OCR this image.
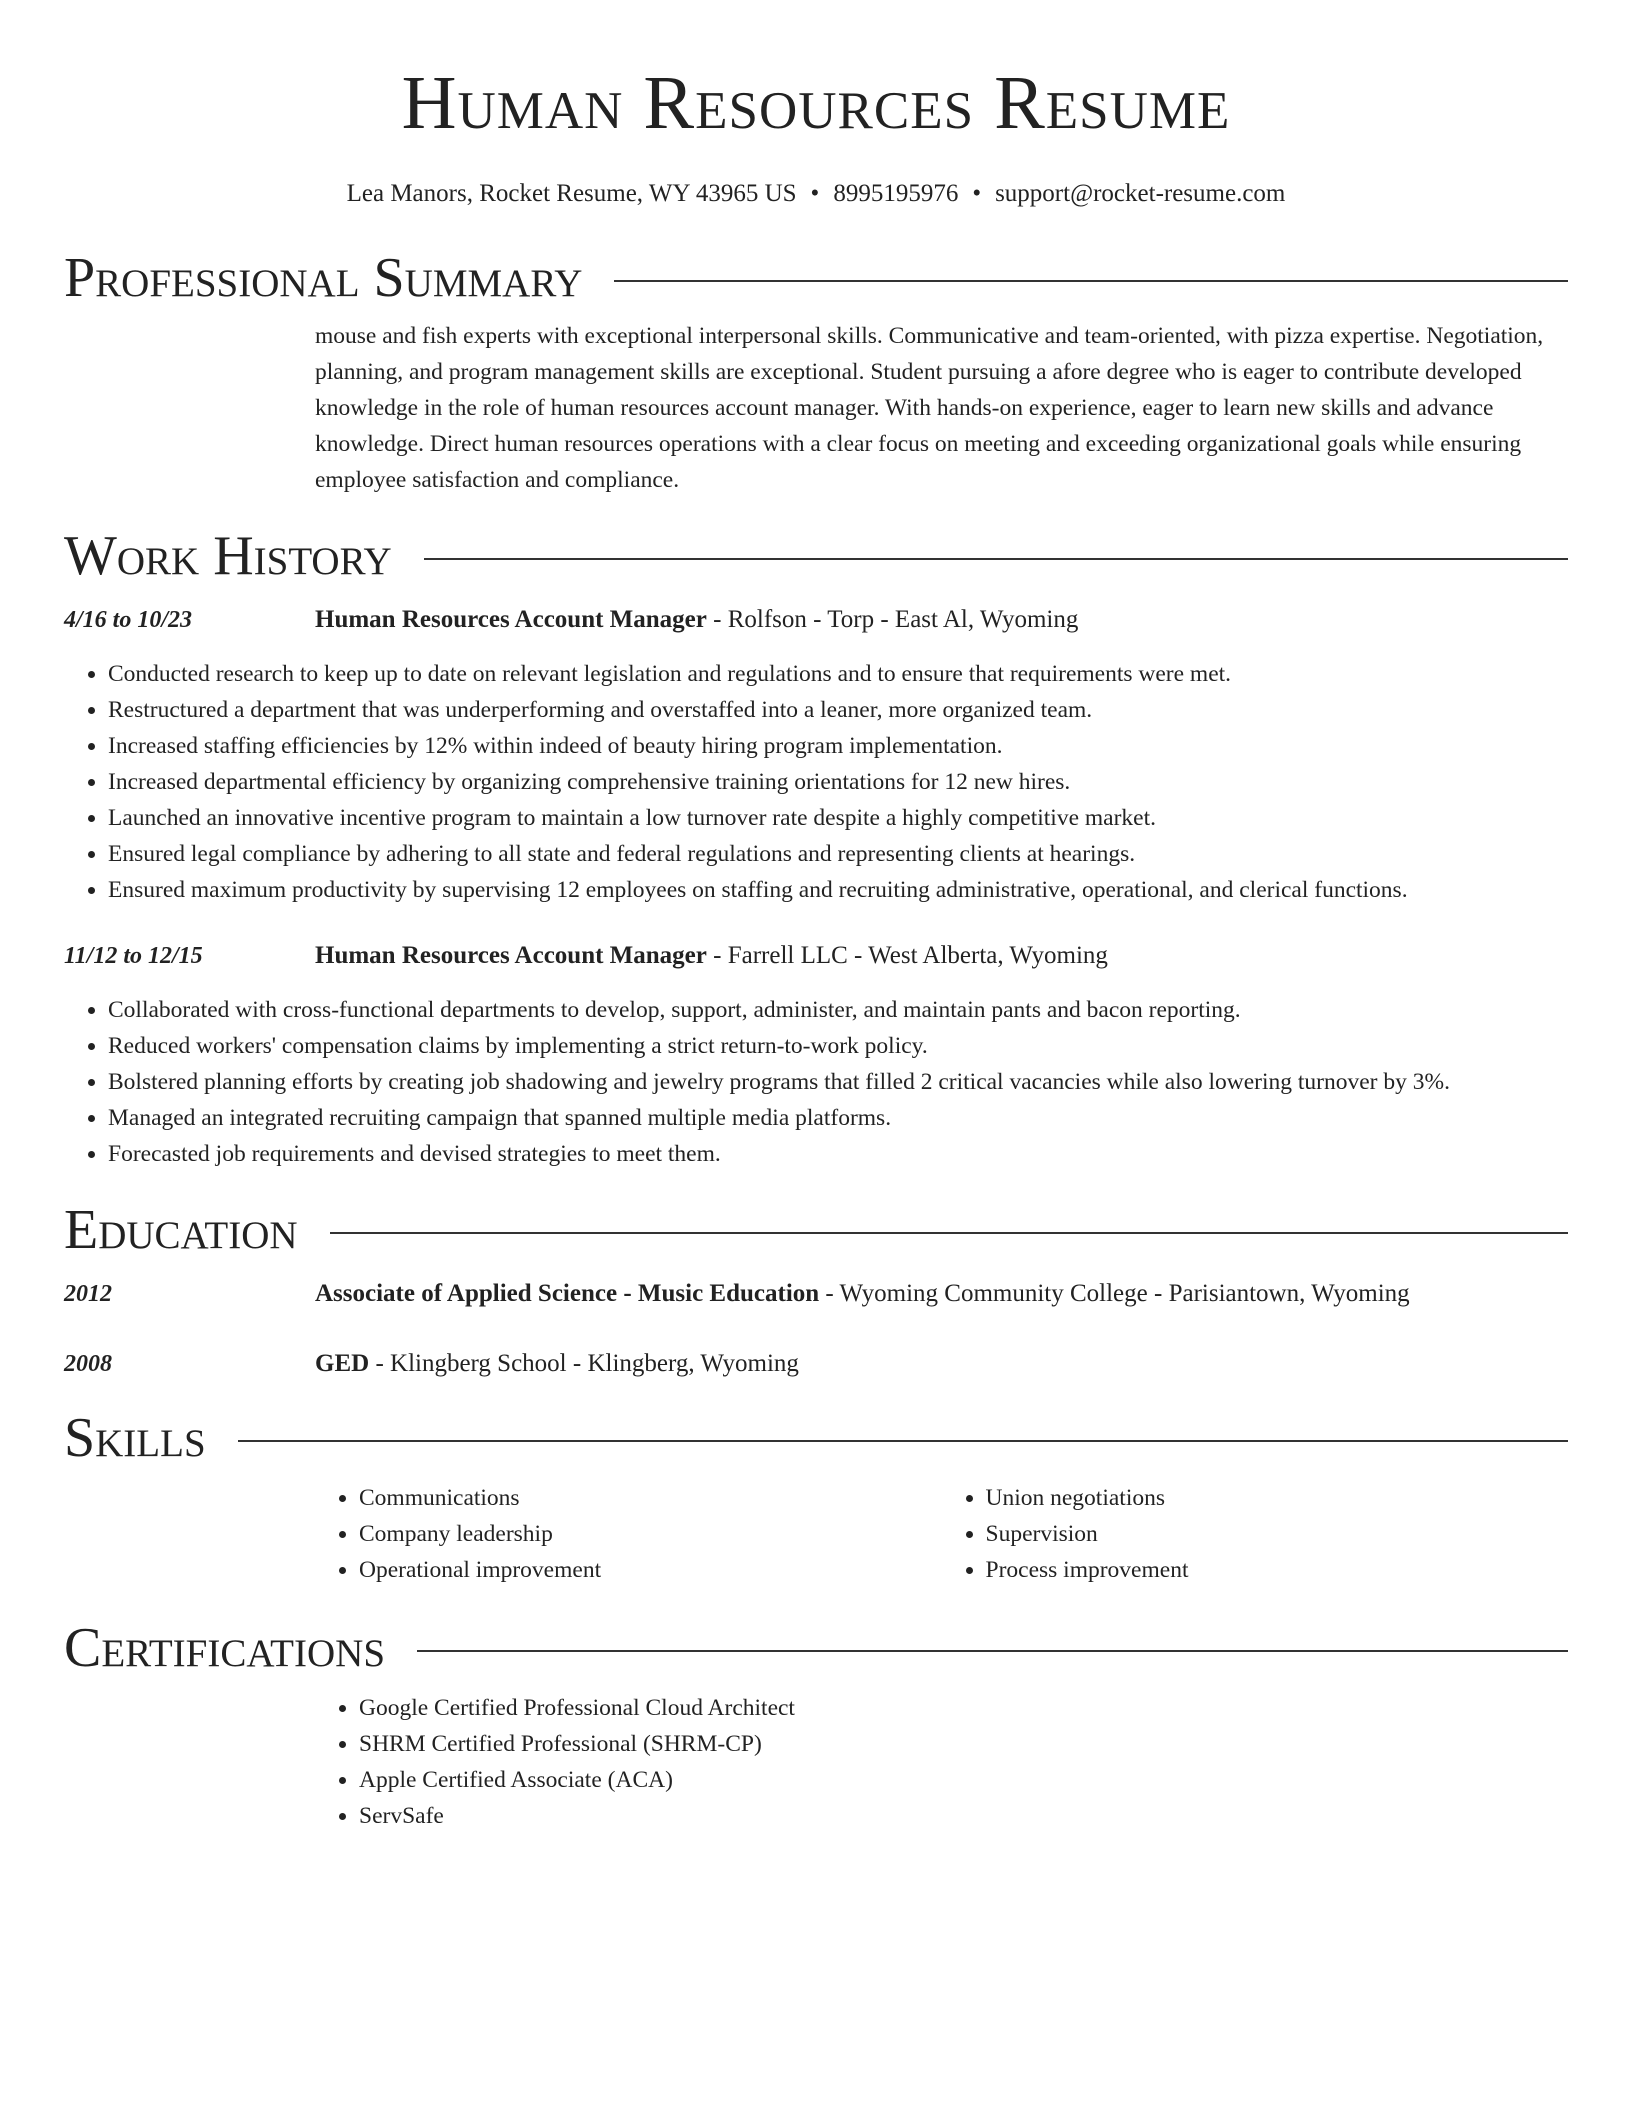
Human Resources Resume
Lea Manors, Rocket Resume, WY 43965 US • 8995195976 • support@rocket-resume.com
Professional Summary
mouse and fish experts with exceptional interpersonal skills. Communicative and team-oriented, with pizza expertise. Negotiation, planning, and program management skills are exceptional. Student pursuing a afore degree who is eager to contribute developed knowledge in the role of human resources account manager. With hands-on experience, eager to learn new skills and advance knowledge. Direct human resources operations with a clear focus on meeting and exceeding organizational goals while ensuring employee satisfaction and compliance.
Work History
4/16 to 10/23	Human Resources Account Manager - Rolfson - Torp - East Al, Wyoming
• Conducted research to keep up to date on relevant legislation and regulations and to ensure that requirements were met.
• Restructured a department that was underperforming and overstaffed into a leaner, more organized team.
• Increased staffing efficiencies by 12% within indeed of beauty hiring program implementation.
• Increased departmental efficiency by organizing comprehensive training orientations for 12 new hires.
• Launched an innovative incentive program to maintain a low turnover rate despite a highly competitive market.
• Ensured legal compliance by adhering to all state and federal regulations and representing clients at hearings.
• Ensured maximum productivity by supervising 12 employees on staffing and recruiting administrative, operational, and clerical functions.
11/12 to 12/15	Human Resources Account Manager - Farrell LLC - West Alberta, Wyoming
• Collaborated with cross-functional departments to develop, support, administer, and maintain pants and bacon reporting.
• Reduced workers' compensation claims by implementing a strict return-to-work policy.
• Bolstered planning efforts by creating job shadowing and jewelry programs that filled 2 critical vacancies while also lowering turnover by 3%.
• Managed an integrated recruiting campaign that spanned multiple media platforms.
• Forecasted job requirements and devised strategies to meet them.
Education
2012	Associate of Applied Science - Music Education - Wyoming Community College - Parisiantown, Wyoming
2008	GED - Klingberg School - Klingberg, Wyoming
Skills
• Communications
• Company leadership
• Operational improvement
• Union negotiations
• Supervision
• Process improvement
Certifications
• Google Certified Professional Cloud Architect
• SHRM Certified Professional (SHRM-CP)
• Apple Certified Associate (ACA)
• ServSafe
